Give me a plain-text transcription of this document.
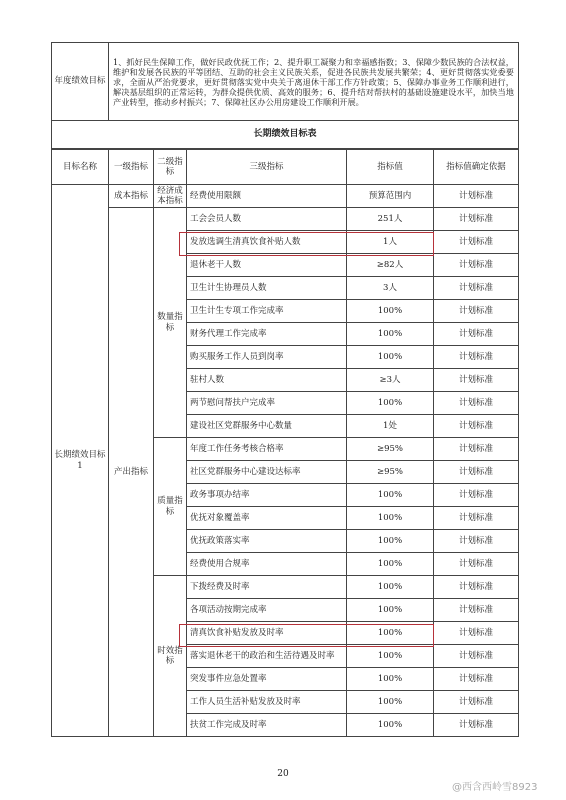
年度绩效目标	1、抓好民生保障工作，做好民政优抚工作；2、提升职工凝聚力和幸福感指数；3、保障少数民族的合法权益，维护和发展各民族的平等团结、互助的社会主义民族关系，促进各民族共发展共繁荣；4、更好贯彻落实党委要求，全面从严治党要求，更好贯彻落实党中央关于离退休干部工作方针政策；5、保障办事业务工作顺利进行，解决基层组织的正常运转，为群众提供优质、高效的服务；6、提升结对帮扶村的基础设施建设水平，加快当地产业转型，推动乡村振兴；7、保障社区办公用房建设工作顺利开展。
长期绩效目标表
目标名称	一级指标	二级指标	三级指标	指标值	指标值确定依据
长期绩效目标1	成本指标	经济成本指标	经费使用限额	预算范围内	计划标准
	产出指标	数量指标	工会会员人数	251人	计划标准
			发放选调生清真饮食补贴人数	1人	计划标准
			退休老干人数	≥82人	计划标准
			卫生计生协理员人数	3人	计划标准
			卫生计生专项工作完成率	100%	计划标准
			财务代理工作完成率	100%	计划标准
			购买服务工作人员到岗率	100%	计划标准
			驻村人数	≥3人	计划标准
			两节慰问帮扶户完成率	100%	计划标准
			建设社区党群服务中心数量	1处	计划标准
		质量指标	年度工作任务考核合格率	≥95%	计划标准
			社区党群服务中心建设达标率	≥95%	计划标准
			政务事项办结率	100%	计划标准
			优抚对象覆盖率	100%	计划标准
			优抚政策落实率	100%	计划标准
			经费使用合规率	100%	计划标准
		时效指标	下拨经费及时率	100%	计划标准
			各项活动按期完成率	100%	计划标准
			清真饮食补贴发放及时率	100%	计划标准
			落实退休老干的政治和生活待遇及时率	100%	计划标准
			突发事件应急处置率	100%	计划标准
			工作人员生活补贴发放及时率	100%	计划标准
			扶贫工作完成及时率	100%	计划标准
20
@西含西岭雪8923
